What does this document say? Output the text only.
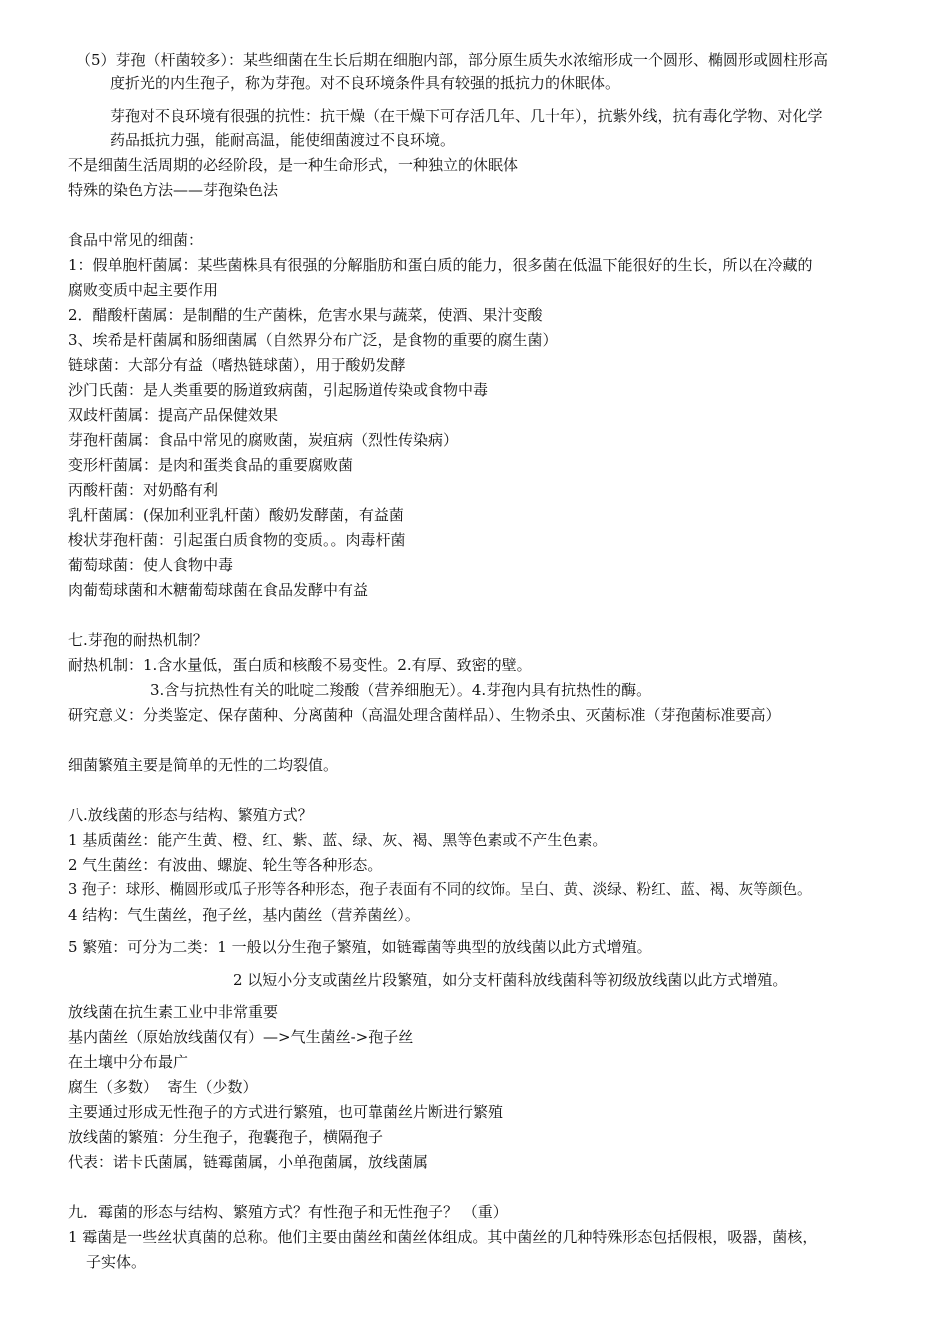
（5）芽孢（杆菌较多）：某些细菌在生长后期在细胞内部，部分原生质失水浓缩形成一个圆形、椭圆形或圆柱形高
度折光的内生孢子，称为芽孢。对不良环境条件具有较强的抵抗力的休眠体。
芽孢对不良环境有很强的抗性：抗干燥（在干燥下可存活几年、几十年），抗紫外线，抗有毒化学物、对化学
药品抵抗力强，能耐高温，能使细菌渡过不良环境。
不是细菌生活周期的必经阶段，是一种生命形式，一种独立的休眠体
特殊的染色方法——芽孢染色法
食品中常见的细菌：
1：假单胞杆菌属：某些菌株具有很强的分解脂肪和蛋白质的能力，很多菌在低温下能很好的生长，所以在冷藏的
腐败变质中起主要作用
2．醋酸杆菌属：是制醋的生产菌株，危害水果与蔬菜，使酒、果汁变酸
3、埃希是杆菌属和肠细菌属（自然界分布广泛，是食物的重要的腐生菌）
链球菌：大部分有益（嗜热链球菌），用于酸奶发酵
沙门氏菌：是人类重要的肠道致病菌，引起肠道传染或食物中毒
双歧杆菌属：提高产品保健效果
芽孢杆菌属：食品中常见的腐败菌，炭疽病（烈性传染病）
变形杆菌属：是肉和蛋类食品的重要腐败菌
丙酸杆菌：对奶酪有利
乳杆菌属：(保加利亚乳杆菌）酸奶发酵菌，有益菌
梭状芽孢杆菌：引起蛋白质食物的变质。。肉毒杆菌
葡萄球菌：使人食物中毒
肉葡萄球菌和木糖葡萄球菌在食品发酵中有益
七.芽孢的耐热机制？
耐热机制：1.含水量低，蛋白质和核酸不易变性。2.有厚、致密的壁。
3.含与抗热性有关的吡啶二羧酸（营养细胞无）。4.芽孢内具有抗热性的酶。
研究意义：分类鉴定、保存菌种、分离菌种（高温处理含菌样品）、生物杀虫、灭菌标准（芽孢菌标准要高）
细菌繁殖主要是简单的无性的二均裂值。
八.放线菌的形态与结构、繁殖方式？
1 基质菌丝：能产生黄、橙、红、紫、蓝、绿、灰、褐、黑等色素或不产生色素。
2 气生菌丝：有波曲、螺旋、轮生等各种形态。
3 孢子：球形、椭圆形或瓜子形等各种形态，孢子表面有不同的纹饰。呈白、黄、淡绿、粉红、蓝、褐、灰等颜色。
4 结构：气生菌丝，孢子丝，基内菌丝（营养菌丝）。
5 繁殖：可分为二类：1 一般以分生孢子繁殖，如链霉菌等典型的放线菌以此方式增殖。
2 以短小分支或菌丝片段繁殖，如分支杆菌科放线菌科等初级放线菌以此方式增殖。
放线菌在抗生素工业中非常重要
基内菌丝（原始放线菌仅有）—>气生菌丝->孢子丝
在土壤中分布最广
腐生（多数）  寄生（少数）
主要通过形成无性孢子的方式进行繁殖，也可靠菌丝片断进行繁殖
放线菌的繁殖：分生孢子，孢囊孢子，横隔孢子
代表：诺卡氏菌属，链霉菌属，小单孢菌属，放线菌属
九．霉菌的形态与结构、繁殖方式？有性孢子和无性孢子？ （重）
1 霉菌是一些丝状真菌的总称。他们主要由菌丝和菌丝体组成。其中菌丝的几种特殊形态包括假根，吸器，菌核，
子实体。
